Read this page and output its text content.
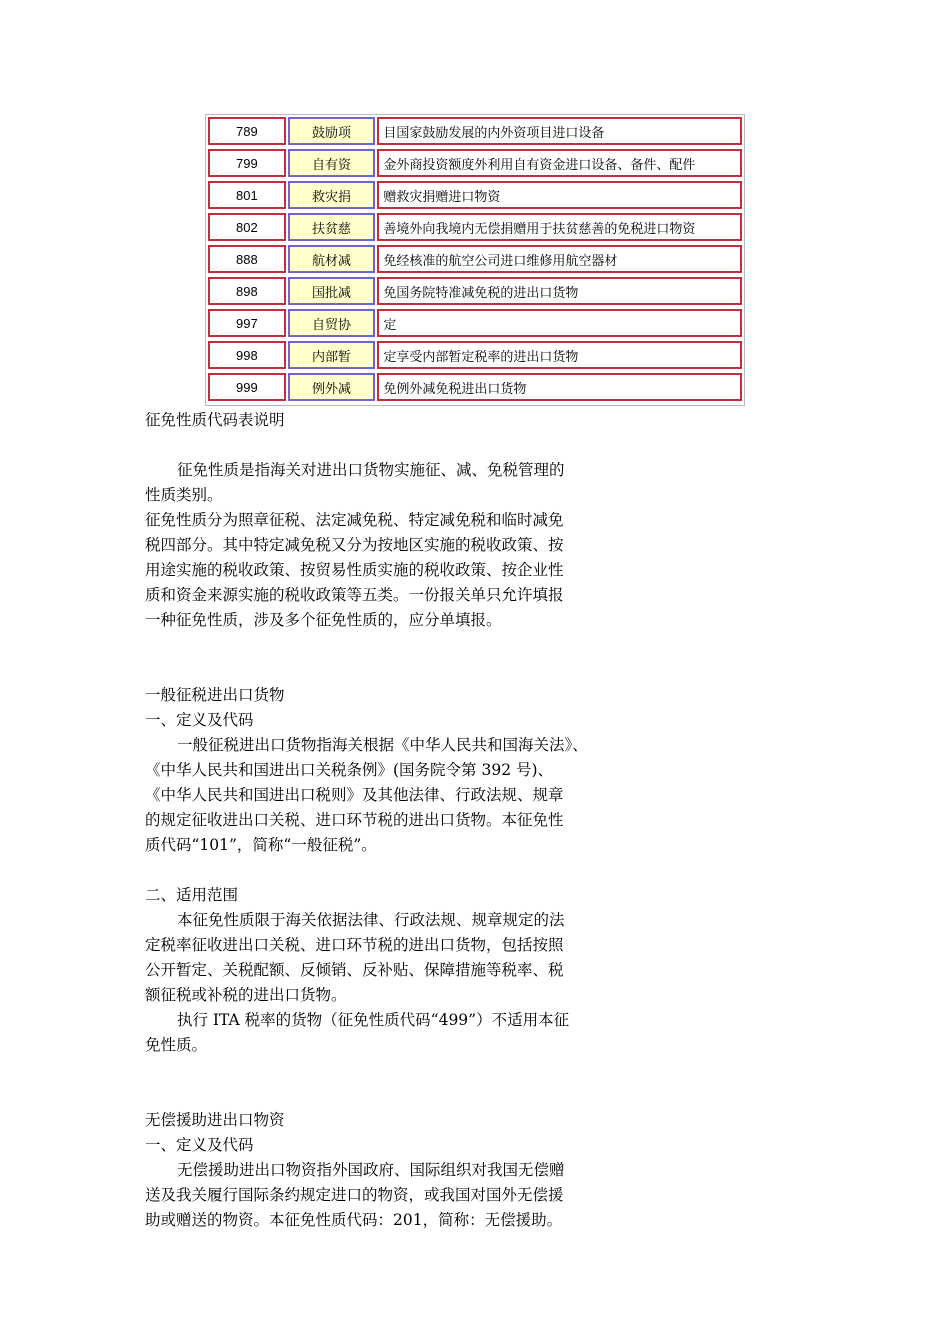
789	鼓励项	目国家鼓励发展的内外资项目进口设备
799	自有资	金外商投资额度外利用自有资金进口设备、备件、配件
801	救灾捐	赠救灾捐赠进口物资
802	扶贫慈	善境外向我境内无偿捐赠用于扶贫慈善的免税进口物资
888	航材减	免经核准的航空公司进口维修用航空器材
898	国批减	免国务院特准减免税的进出口货物
997	自贸协	定
998	内部暂	定享受内部暂定税率的进出口货物
999	例外减	免例外减免税进出口货物
征免性质代码表说明
征免性质是指海关对进出口货物实施征、减、免税管理的
性质类别。
征免性质分为照章征税、法定减免税、特定减免税和临时减免
税四部分。其中特定减免税又分为按地区实施的税收政策、按
用途实施的税收政策、按贸易性质实施的税收政策、按企业性
质和资金来源实施的税收政策等五类。一份报关单只允许填报
一种征免性质，涉及多个征免性质的，应分单填报。
一般征税进出口货物
一、定义及代码
一般征税进出口货物指海关根据《中华人民共和国海关法》、
《中华人民共和国进出口关税条例》(国务院令第 392 号)、
《中华人民共和国进出口税则》及其他法律、行政法规、规章
的规定征收进出口关税、进口环节税的进出口货物。本征免性
质代码“101”，简称“一般征税”。
二、适用范围
本征免性质限于海关依据法律、行政法规、规章规定的法
定税率征收进出口关税、进口环节税的进出口货物，包括按照
公开暂定、关税配额、反倾销、反补贴、保障措施等税率、税
额征税或补税的进出口货物。
执行 ITA 税率的货物（征免性质代码“499”）不适用本征
免性质。
无偿援助进出口物资
一、定义及代码
无偿援助进出口物资指外国政府、国际组织对我国无偿赠
送及我关履行国际条约规定进口的物资，或我国对国外无偿援
助或赠送的物资。本征免性质代码：201，简称：无偿援助。
